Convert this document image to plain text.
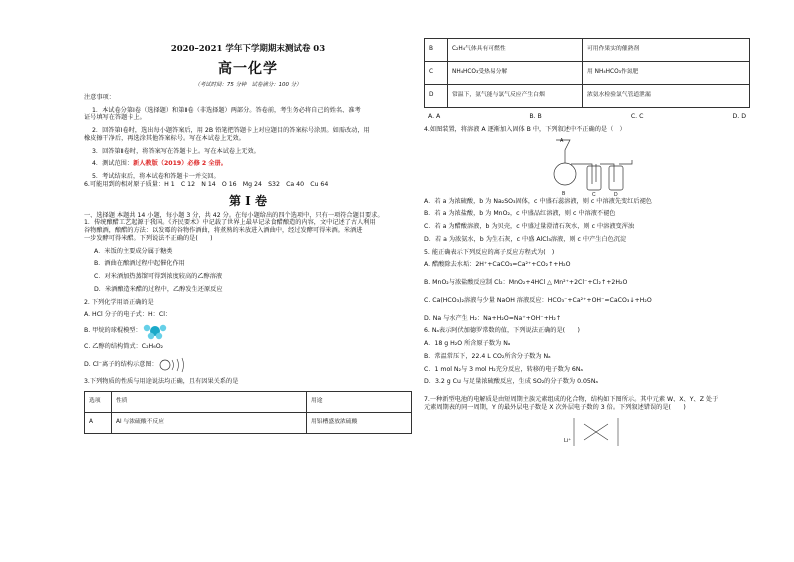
2020–2021 学年下学期期末测试卷 03
高一化学
（考试时间：75 分钟　试卷满分：100 分）

注意事项：

1．本试卷分第Ⅰ卷（选择题）和第Ⅱ卷（非选择题）两部分。答卷前，考生务必将自己的姓名、准考

证号填写在答题卡上。

2．回答第Ⅰ卷时，选出每小题答案后，用 2B 铅笔把答题卡上对应题目的答案标号涂黑。如需改动，用

橡皮擦干净后，再选涂其他答案标号。写在本试卷上无效。

3．回答第Ⅱ卷时，将答案写在答题卡上。写在本试卷上无效。

4．测试范围：新人教版（2019）必修 2 全册。

5．考试结束后，将本试卷和答题卡一并交回。

6.可能用到的相对原子质量：H 1　C 12　N 14　O 16　Mg 24　S32　Ca 40　Cu 64

第 Ⅰ 卷

一、选择题 本题共 14 小题，每小题 3 分，共 42 分。在每小题给出的四个选项中，只有一项符合题目要求。

1．传统酿醋工艺起源于我国。《齐民要术》中记载了世界上最早记录食醋酿造的内容，文中记述了古人利用

谷物酿酒，酿醋的方法：以发霉的谷物作酒曲，将煮熟的米放进入酒曲中，经过发酵可得米酒。米酒进

一步发酵可得米醋。下列说法不正确的是(　　)

A．米饭的主要成分属于糖类

B．酒曲在酿酒过程中起催化作用

C．对米酒加热蒸馏可得到浓度较高的乙醇溶液

D．米酒酿造米醋的过程中，乙醇发生还原反应

2. 下列化学用语正确的是

A. HCl 分子的电子式：H：Cl：

B. 甲烷的球棍模型：

C. 乙醇的结构简式：C₂H₆O₂

D. Cl⁻离子的结构示意图：

3.下列物质的性质与用途说法均正确，且有因果关系的是

选项	性质	用途
A	Al 与浓硫酸不反应	用铝槽盛放浓硫酸
B	C₂H₄气体具有可燃性	可用作果实的催熟剂
C	NH₄HCO₃受热易分解	用 NH₄HCO₃作氮肥
D	常温下，氨气能与氯气反应产生白烟	浓氨水检验氯气管道泄漏
A. A	B. B	C. C	D. D

4.如图装置，将溶液 A 逐渐加入固体 B 中，下列叙述中不正确的是（　）

A
B	C	D

A．若 a 为浓硫酸，b 为 Na₂SO₃固体，c 中盛石蕊溶液，则 c 中溶液先变红后褪色

B．若 a 为浓盐酸，b 为 MnO₂，c 中盛品红溶液，则 c 中溶液不褪色

C．若 a 为醋酸溶液，b 为贝壳，c 中盛过量澄清石灰水，则 c 中溶液变浑浊

D．若 a 为浓氨水，b 为生石灰，c 中盛 AlCl₃溶液，则 c 中产生白色沉淀

5. 能正确表示下列反应的离子反应方程式为(　)

A. 醋酸除去水垢：2H⁺+CaCO₃=Ca²⁺+CO₂↑+H₂O

B. MnO₂与浓盐酸反应制 Cl₂：MnO₂+4HCl △ Mn²⁺+2Cl⁻+Cl₂↑+2H₂O

C. Ca(HCO₃)₂溶液与少量 NaOH 溶液反应：HCO₃⁻+Ca²⁺+OH⁻=CaCO₃↓+H₂O

D. Na 与水产生 H₂：Na+H₂O=Na⁺+OH⁻+H₂↑

6. Nₐ表示阿伏加德罗常数的值，下列说法正确的是(　　)

A．18 g H₂O 所含原子数为 Nₐ

B．常温常压下，22.4 L CO₂所含分子数为 Nₐ

C．1 mol N₂与 3 mol H₂充分反应，转移的电子数为 6Nₐ

D．3.2 g Cu 与足量浓硫酸反应，生成 SO₂的分子数为 0.05Nₐ

7.一种新型电池的电解质是由短周期主族元素组成的化合物，结构如下图所示。其中元素 W、X、Y、Z 处于

元素周期表的同一周期，Y 的最外层电子数是 X 次外层电子数的 3 倍。下列叙述错误的是(　　)

Li⁺
